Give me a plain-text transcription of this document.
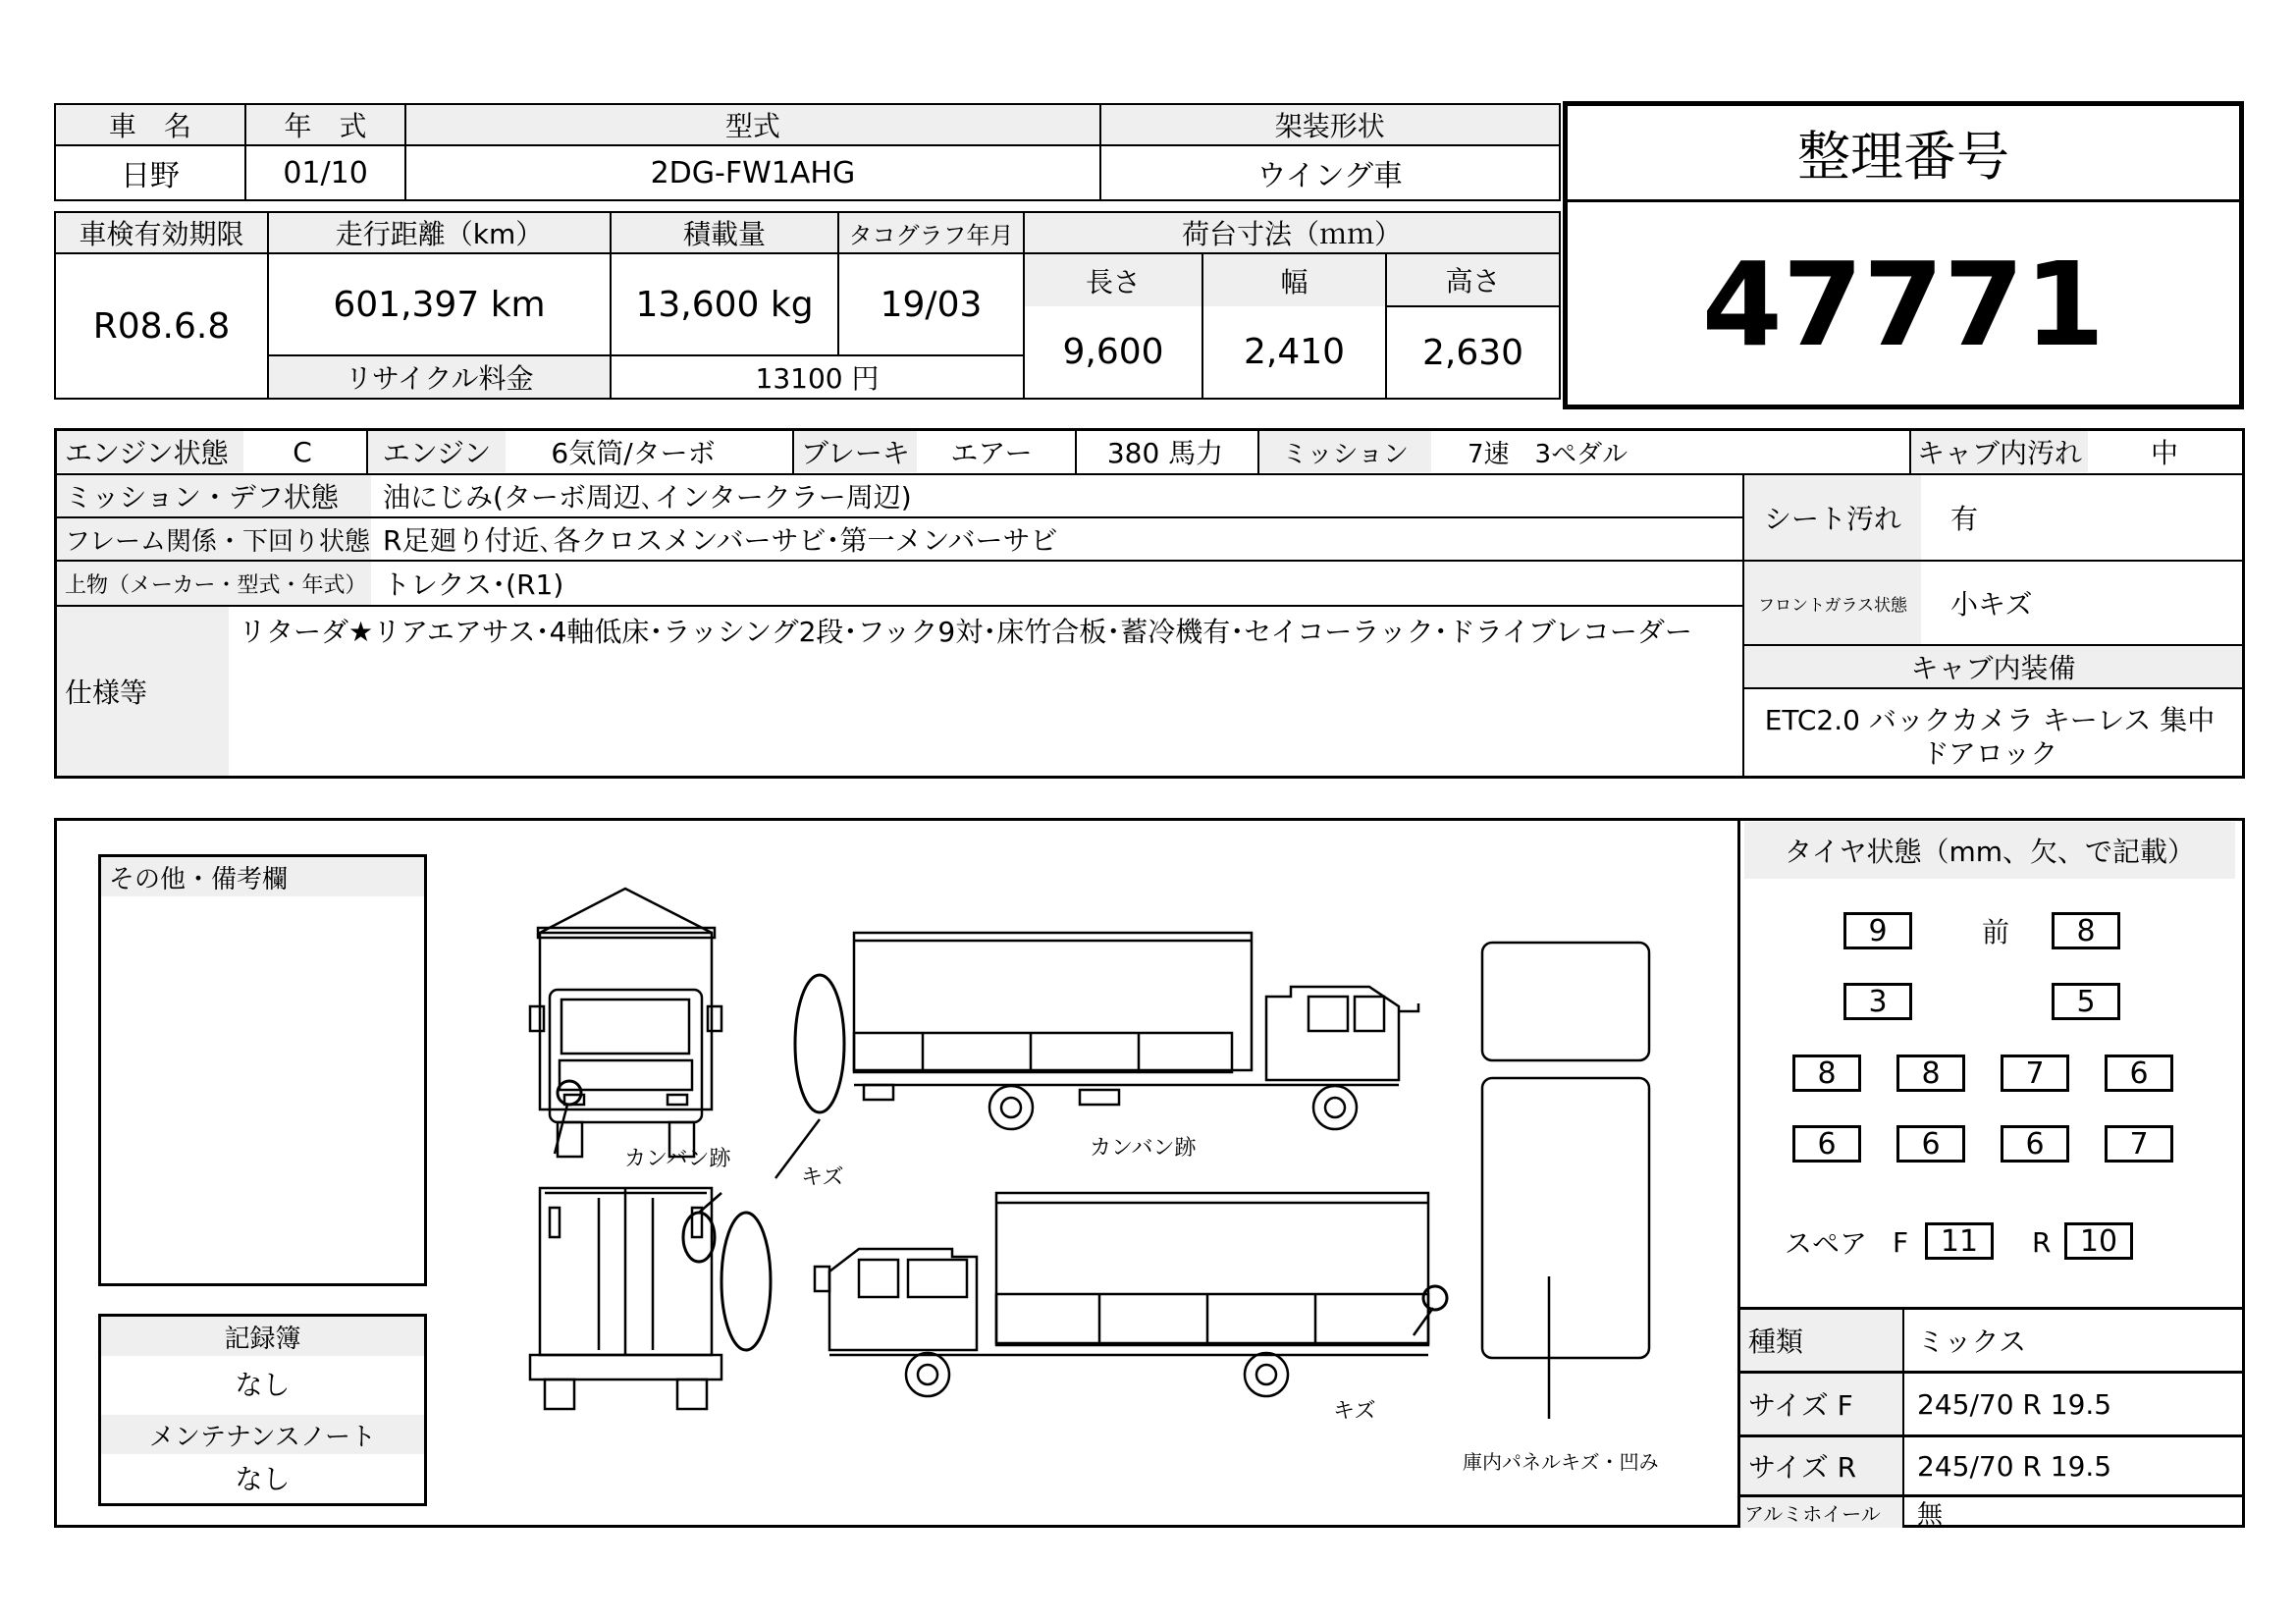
車　名	年　式	型式	架装形状
日野	01/10	2DG-FW1AHG	ウイング車	整理番号
47771
車検有効期限	走行距離（km）	積載量	タコグラフ年月	荷台寸法（ｍｍ）		
R08.6.8	601,397 km	13,600 kg	19/03	長さ	幅	高さ
				9,600	2,410	2,630
	リサイクル料金	13100 円				
エンジン状態	C	エンジン	6気筒/ターボ	ブレーキ	エアー	380 馬力	ミッション	7速　3ペダル	キャブ内汚れ	中
ミッション・デフ状態	油にじみ(ターボ周辺､インタークラー周辺)
フレーム関係・下回り状態 R足廻り付近､各クロスメンバーサビ･第一メンバーサビ
上物（メーカー・型式・年式） トレクス･(R1)
仕様等
リターダ★リアエアサス･4軸低床･ラッシング2段･フック9対･床竹合板･蓄冷機有･セイコーラック･ドライブレコーダー
シート汚れ	有
フロントガラス状態	小キズ
キャブ内装備
ETC2.0 バックカメラ キーレス 集中ドアロック
その他・備考欄
記録簿
なし
メンテナンスノート
なし
カンバン跡	カンバン跡
キズ
キズ
庫内パネルキズ・凹み
タイヤ状態（mm、欠、で記載）
9	前	8
3	5
8	8	7	6
6	6	6	7
スペア F	11	R 10
種類	ミックス
サイズ F	245/70 R 19.5
サイズ R	245/70 R 19.5
アルミホイール	無
